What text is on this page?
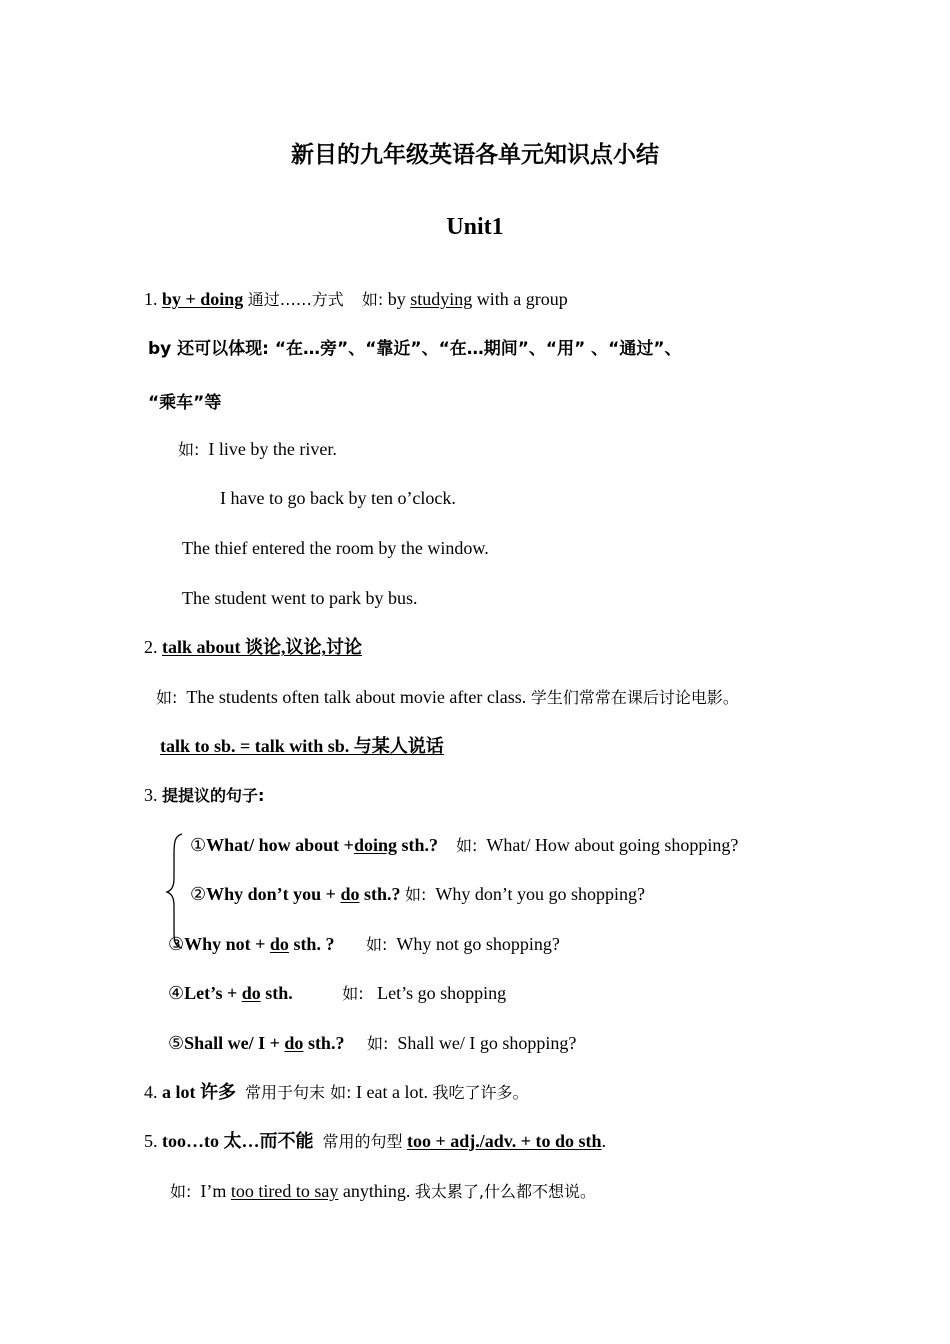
新目的九年级英语各单元知识点小结
Unit1
1. by + doing 通过……方式 如: by studying with a group
by 还可以体现: “在…旁”、“靠近”、“在…期间”、“用” 、“通过”、
“乘车”等
如: I live by the river.
I have to go back by ten o’clock.
The thief entered the room by the window.
The student went to park by bus.
2. talk about 谈论,议论,讨论
如: The students often talk about movie after class. 学生们常常在课后讨论电影。
talk to sb. = talk with sb. 与某人说话
3. 提提议的句子:
①What/ how about +doing sth.? 如: What/ How about going shopping?
②Why don’t you + do sth.? 如: Why don’t you go shopping?
③Why not + do sth. ? 如: Why not go shopping?
④Let’s + do sth.	如: Let’s go shopping
⑤Shall we/ I + do sth.? 如: Shall we/ I go shopping?
4. a lot 许多 常用于句末 如: I eat a lot. 我吃了许多。
5. too…to 太…而不能 常用的句型 too + adj./adv. + to do sth.
如: I’m too tired to say anything. 我太累了,什么都不想说。
